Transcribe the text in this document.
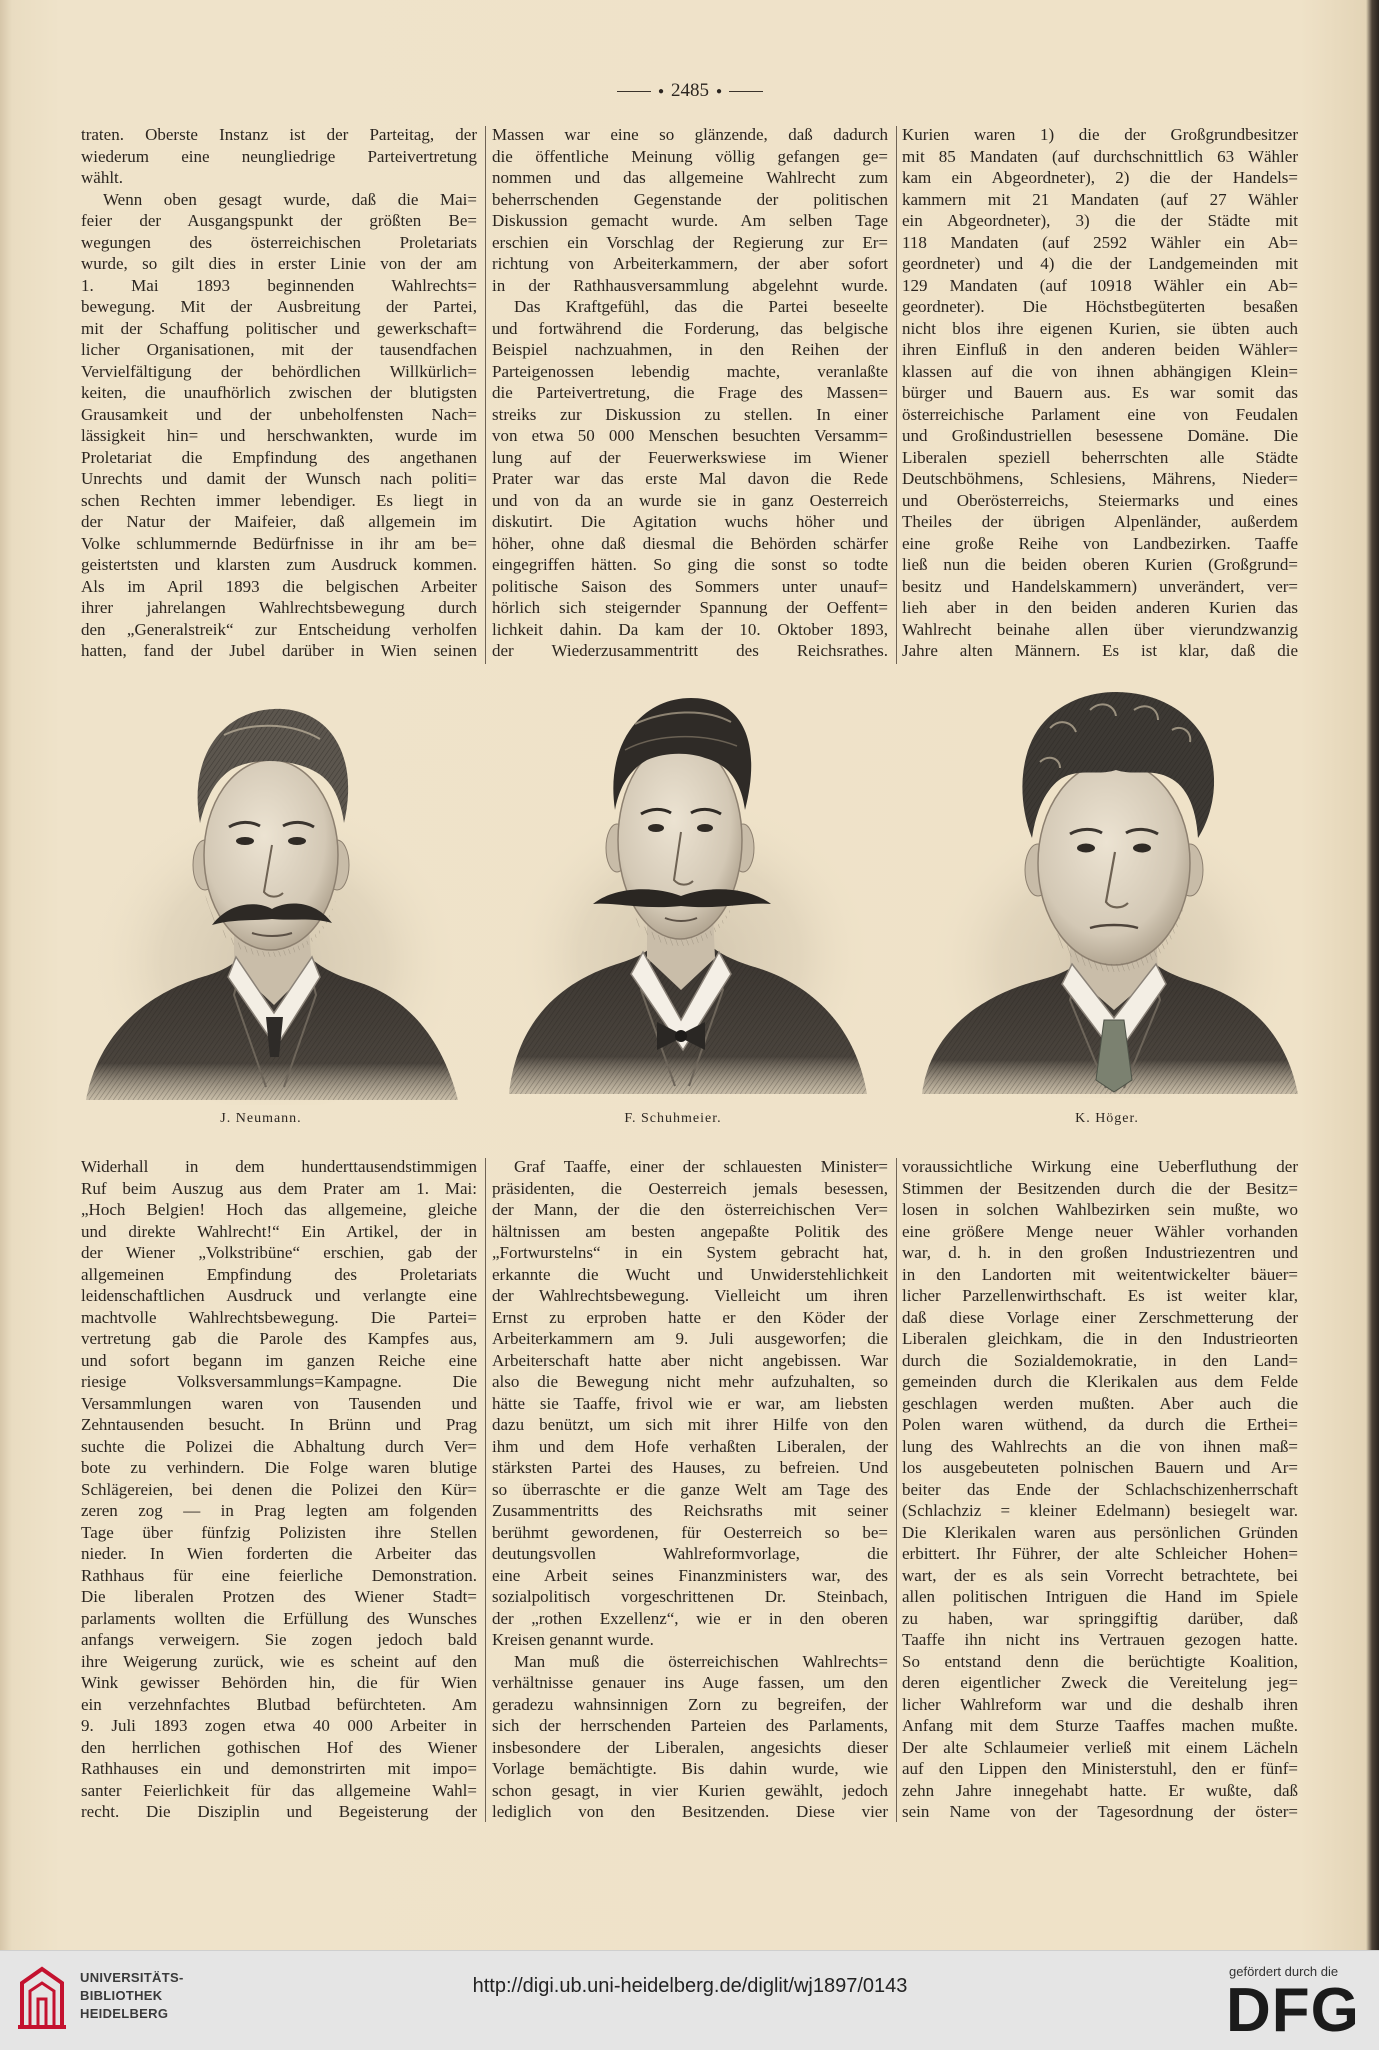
● 2485 ●
traten. Oberste Instanz ist der Parteitag, der
wiederum eine neungliedrige Parteivertretung
wählt.
Wenn oben gesagt wurde, daß die Mai=
feier der Ausgangspunkt der größten Be=
wegungen des österreichischen Proletariats
wurde, so gilt dies in erster Linie von der am
1. Mai 1893 beginnenden Wahlrechts=
bewegung. Mit der Ausbreitung der Partei,
mit der Schaffung politischer und gewerkschaft=
licher Organisationen, mit der tausendfachen
Vervielfältigung der behördlichen Willkürlich=
keiten, die unaufhörlich zwischen der blutigsten
Grausamkeit und der unbeholfensten Nach=
lässigkeit hin= und herschwankten, wurde im
Proletariat die Empfindung des angethanen
Unrechts und damit der Wunsch nach politi=
schen Rechten immer lebendiger. Es liegt in
der Natur der Maifeier, daß allgemein im
Volke schlummernde Bedürfnisse in ihr am be=
geistertsten und klarsten zum Ausdruck kommen.
Als im April 1893 die belgischen Arbeiter
ihrer jahrelangen Wahlrechtsbewegung durch
den „Generalstreik“ zur Entscheidung verholfen
hatten, fand der Jubel darüber in Wien seinen
Massen war eine so glänzende, daß dadurch
die öffentliche Meinung völlig gefangen ge=
nommen und das allgemeine Wahlrecht zum
beherrschenden Gegenstande der politischen
Diskussion gemacht wurde. Am selben Tage
erschien ein Vorschlag der Regierung zur Er=
richtung von Arbeiterkammern, der aber sofort
in der Rathhausversammlung abgelehnt wurde.
Das Kraftgefühl, das die Partei beseelte
und fortwährend die Forderung, das belgische
Beispiel nachzuahmen, in den Reihen der
Parteigenossen lebendig machte, veranlaßte
die Parteivertretung, die Frage des Massen=
streiks zur Diskussion zu stellen. In einer
von etwa 50 000 Menschen besuchten Versamm=
lung auf der Feuerwerkswiese im Wiener
Prater war das erste Mal davon die Rede
und von da an wurde sie in ganz Oesterreich
diskutirt. Die Agitation wuchs höher und
höher, ohne daß diesmal die Behörden schärfer
eingegriffen hätten. So ging die sonst so todte
politische Saison des Sommers unter unauf=
hörlich sich steigernder Spannung der Oeffent=
lichkeit dahin. Da kam der 10. Oktober 1893,
der Wiederzusammentritt des Reichsrathes.
Kurien waren 1) die der Großgrundbesitzer
mit 85 Mandaten (auf durchschnittlich 63 Wähler
kam ein Abgeordneter), 2) die der Handels=
kammern mit 21 Mandaten (auf 27 Wähler
ein Abgeordneter), 3) die der Städte mit
118 Mandaten (auf 2592 Wähler ein Ab=
geordneter) und 4) die der Landgemeinden mit
129 Mandaten (auf 10918 Wähler ein Ab=
geordneter). Die Höchstbegüterten besaßen
nicht blos ihre eigenen Kurien, sie übten auch
ihren Einfluß in den anderen beiden Wähler=
klassen auf die von ihnen abhängigen Klein=
bürger und Bauern aus. Es war somit das
österreichische Parlament eine von Feudalen
und Großindustriellen besessene Domäne. Die
Liberalen speziell beherrschten alle Städte
Deutschböhmens, Schlesiens, Mährens, Nieder=
und Oberösterreichs, Steiermarks und eines
Theiles der übrigen Alpenländer, außerdem
eine große Reihe von Landbezirken. Taaffe
ließ nun die beiden oberen Kurien (Großgrund=
besitz und Handelskammern) unverändert, ver=
lieh aber in den beiden anderen Kurien das
Wahlrecht beinahe allen über vierundzwanzig
Jahre alten Männern. Es ist klar, daß die
J. Neumann.	F. Schuhmeier.	K. Höger.
Widerhall in dem hunderttausendstimmigen
Ruf beim Auszug aus dem Prater am 1. Mai:
„Hoch Belgien! Hoch das allgemeine, gleiche
und direkte Wahlrecht!“ Ein Artikel, der in
der Wiener „Volkstribüne“ erschien, gab der
allgemeinen Empfindung des Proletariats
leidenschaftlichen Ausdruck und verlangte eine
machtvolle Wahlrechtsbewegung. Die Partei=
vertretung gab die Parole des Kampfes aus,
und sofort begann im ganzen Reiche eine
riesige Volksversammlungs=Kampagne. Die
Versammlungen waren von Tausenden und
Zehntausenden besucht. In Brünn und Prag
suchte die Polizei die Abhaltung durch Ver=
bote zu verhindern. Die Folge waren blutige
Schlägereien, bei denen die Polizei den Kür=
zeren zog — in Prag legten am folgenden
Tage über fünfzig Polizisten ihre Stellen
nieder. In Wien forderten die Arbeiter das
Rathhaus für eine feierliche Demonstration.
Die liberalen Protzen des Wiener Stadt=
parlaments wollten die Erfüllung des Wunsches
anfangs verweigern. Sie zogen jedoch bald
ihre Weigerung zurück, wie es scheint auf den
Wink gewisser Behörden hin, die für Wien
ein verzehnfachtes Blutbad befürchteten. Am
9. Juli 1893 zogen etwa 40 000 Arbeiter in
den herrlichen gothischen Hof des Wiener
Rathhauses ein und demonstrirten mit impo=
santer Feierlichkeit für das allgemeine Wahl=
recht. Die Disziplin und Begeisterung der
Graf Taaffe, einer der schlauesten Minister=
präsidenten, die Oesterreich jemals besessen,
der Mann, der die den österreichischen Ver=
hältnissen am besten angepaßte Politik des
„Fortwurstelns“ in ein System gebracht hat,
erkannte die Wucht und Unwiderstehlichkeit
der Wahlrechtsbewegung. Vielleicht um ihren
Ernst zu erproben hatte er den Köder der
Arbeiterkammern am 9. Juli ausgeworfen; die
Arbeiterschaft hatte aber nicht angebissen. War
also die Bewegung nicht mehr aufzuhalten, so
hätte sie Taaffe, frivol wie er war, am liebsten
dazu benützt, um sich mit ihrer Hilfe von den
ihm und dem Hofe verhaßten Liberalen, der
stärksten Partei des Hauses, zu befreien. Und
so überraschte er die ganze Welt am Tage des
Zusammentritts des Reichsraths mit seiner
berühmt gewordenen, für Oesterreich so be=
deutungsvollen Wahlreformvorlage, die
eine Arbeit seines Finanzministers war, des
sozialpolitisch vorgeschrittenen Dr. Steinbach,
der „rothen Exzellenz“, wie er in den oberen
Kreisen genannt wurde.
Man muß die österreichischen Wahlrechts=
verhältnisse genauer ins Auge fassen, um den
geradezu wahnsinnigen Zorn zu begreifen, der
sich der herrschenden Parteien des Parlaments,
insbesondere der Liberalen, angesichts dieser
Vorlage bemächtigte. Bis dahin wurde, wie
schon gesagt, in vier Kurien gewählt, jedoch
lediglich von den Besitzenden. Diese vier
voraussichtliche Wirkung eine Ueberfluthung der
Stimmen der Besitzenden durch die der Besitz=
losen in solchen Wahlbezirken sein mußte, wo
eine größere Menge neuer Wähler vorhanden
war, d. h. in den großen Industriezentren und
in den Landorten mit weitentwickelter bäuer=
licher Parzellenwirthschaft. Es ist weiter klar,
daß diese Vorlage einer Zerschmetterung der
Liberalen gleichkam, die in den Industrieorten
durch die Sozialdemokratie, in den Land=
gemeinden durch die Klerikalen aus dem Felde
geschlagen werden mußten. Aber auch die
Polen waren wüthend, da durch die Erthei=
lung des Wahlrechts an die von ihnen maß=
los ausgebeuteten polnischen Bauern und Ar=
beiter das Ende der Schlachschizenherrschaft
(Schlachziz = kleiner Edelmann) besiegelt war.
Die Klerikalen waren aus persönlichen Gründen
erbittert. Ihr Führer, der alte Schleicher Hohen=
wart, der es als sein Vorrecht betrachtete, bei
allen politischen Intriguen die Hand im Spiele
zu haben, war springgiftig darüber, daß
Taaffe ihn nicht ins Vertrauen gezogen hatte.
So entstand denn die berüchtigte Koalition,
deren eigentlicher Zweck die Vereitelung jeg=
licher Wahlreform war und die deshalb ihren
Anfang mit dem Sturze Taaffes machen mußte.
Der alte Schlaumeier verließ mit einem Lächeln
auf den Lippen den Ministerstuhl, den er fünf=
zehn Jahre innegehabt hatte. Er wußte, daß
sein Name von der Tagesordnung der öster=
UNIVERSITÄTS-
BIBLIOTHEK
HEIDELBERG
http://digi.ub.uni-heidelberg.de/diglit/wj1897/0143
gefördert durch die
DFG
